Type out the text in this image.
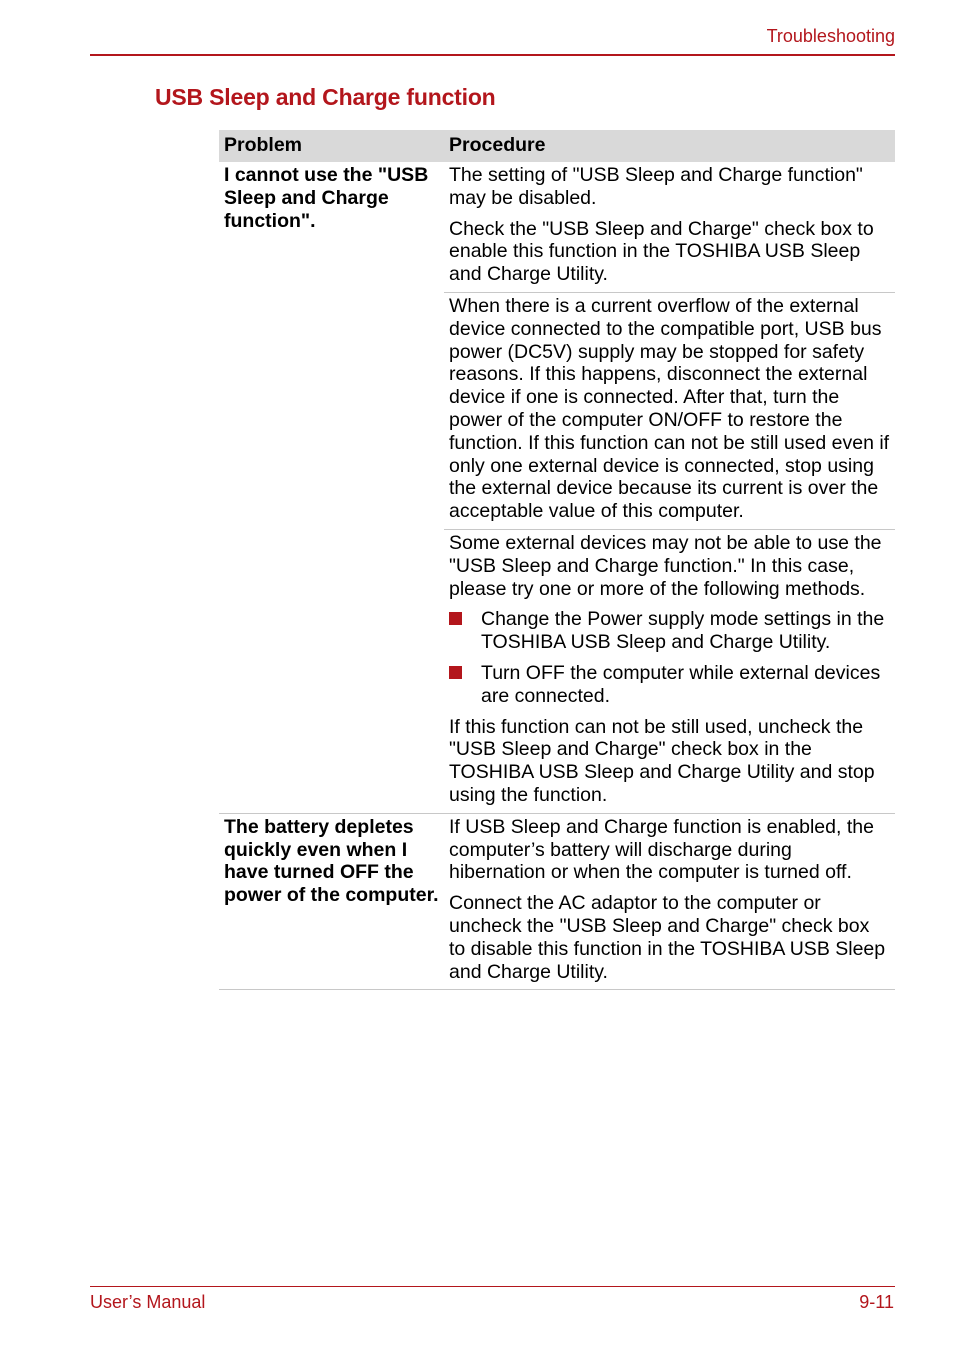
Troubleshooting
USB Sleep and Charge function
Problem	Procedure
I cannot use the "USB Sleep and Charge function".	The setting of "USB Sleep and Charge function" may be disabled.

Check the "USB Sleep and Charge" check box to enable this function in the TOSHIBA USB Sleep and Charge Utility.

	When there is a current overflow of the external device connected to the compatible port, USB bus power (DC5V) supply may be stopped for safety reasons. If this happens, disconnect the external device if one is connected. After that, turn the power of the computer ON/OFF to restore the function. If this function can not be still used even if only one external device is connected, stop using the external device because its current is over the acceptable value of this computer.

	Some external devices may not be able to use the "USB Sleep and Charge function." In this case, please try one or more of the following methods.

Change the Power supply mode settings in the TOSHIBA USB Sleep and Charge Utility.
Turn OFF the computer while external devices are connected.

If this function can not be still used, uncheck the "USB Sleep and Charge" check box in the TOSHIBA USB Sleep and Charge Utility and stop using the function.

The battery depletes quickly even when I have turned OFF the power of the computer.	If USB Sleep and Charge function is enabled, the computer’s battery will discharge during hibernation or when the computer is turned off.

Connect the AC adaptor to the computer or uncheck the "USB Sleep and Charge" check box to disable this function in the TOSHIBA USB Sleep and Charge Utility.

User’s Manual	9-11
